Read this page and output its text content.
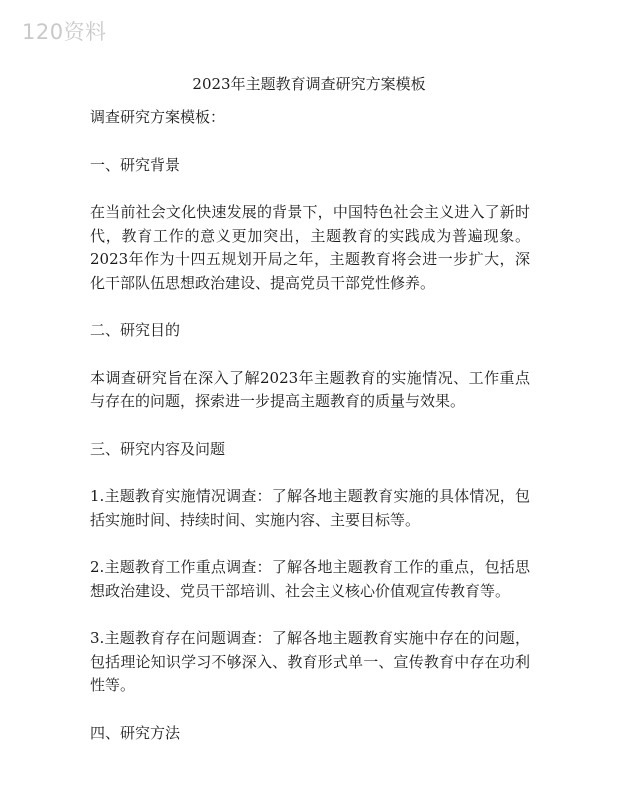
120资料
2023年主题教育调查研究方案模板

调查研究方案模板：

一、研究背景

在当前社会文化快速发展的背景下，中国特色社会主义进入了新时代，教育工作的意义更加突出，主题教育的实践成为普遍现象。2023年作为十四五规划开局之年，主题教育将会进一步扩大，深化干部队伍思想政治建设、提高党员干部党性修养。

二、研究目的

本调查研究旨在深入了解2023年主题教育的实施情况、工作重点与存在的问题，探索进一步提高主题教育的质量与效果。

三、研究内容及问题

1.主题教育实施情况调查：了解各地主题教育实施的具体情况，包括实施时间、持续时间、实施内容、主要目标等。

2.主题教育工作重点调查：了解各地主题教育工作的重点，包括思想政治建设、党员干部培训、社会主义核心价值观宣传教育等。

3.主题教育存在问题调查：了解各地主题教育实施中存在的问题，包括理论知识学习不够深入、教育形式单一、宣传教育中存在功利性等。

四、研究方法
